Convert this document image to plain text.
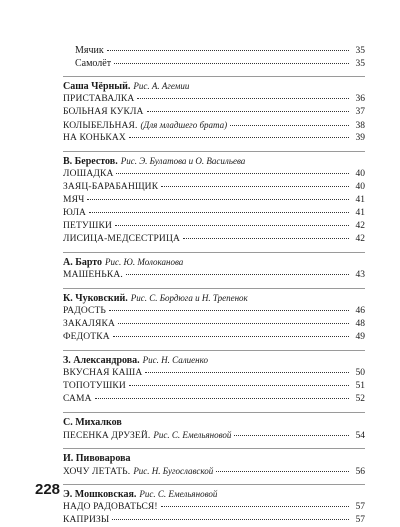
Мячик	35
Самолёт	35
Саша Чёрный. Рис. А. Агемии
ПРИСТАВАЛКА	36
БОЛЬНАЯ КУКЛА	37
КОЛЫБЕЛЬНАЯ. (Для младшего брата)	38
НА КОНЬКАХ	39
В. Берестов. Рис. Э. Булатова и О. Васильева
ЛОШАДКА	40
ЗАЯЦ-БАРАБАНЩИК	40
МЯЧ	41
ЮЛА	41
ПЕТУШКИ	42
ЛИСИЦА-МЕДСЕСТРИЦА	42
А. Барто Рис. Ю. Молоканова
МАШЕНЬКА.	43
К. Чуковский. Рис. С. Бордюга и Н. Трепенок
РАДОСТЬ	46
ЗАКАЛЯКА	48
ФЕДОТКА	49
З. Александрова. Рис. Н. Салиенко
ВКУСНАЯ КАША	50
ТОПОТУШКИ	51
САМА	52
С. Михалков
ПЕСЕНКА ДРУЗЕЙ. Рис. С. Емельяновой	54
И. Пивоварова
ХОЧУ ЛЕТАТЬ. Рис. Н. Бугославской	56
Э. Мошковская. Рис. С. Емельяновой
НАДО РАДОВАТЬСЯ!	57
КАПРИЗЫ	57
228
